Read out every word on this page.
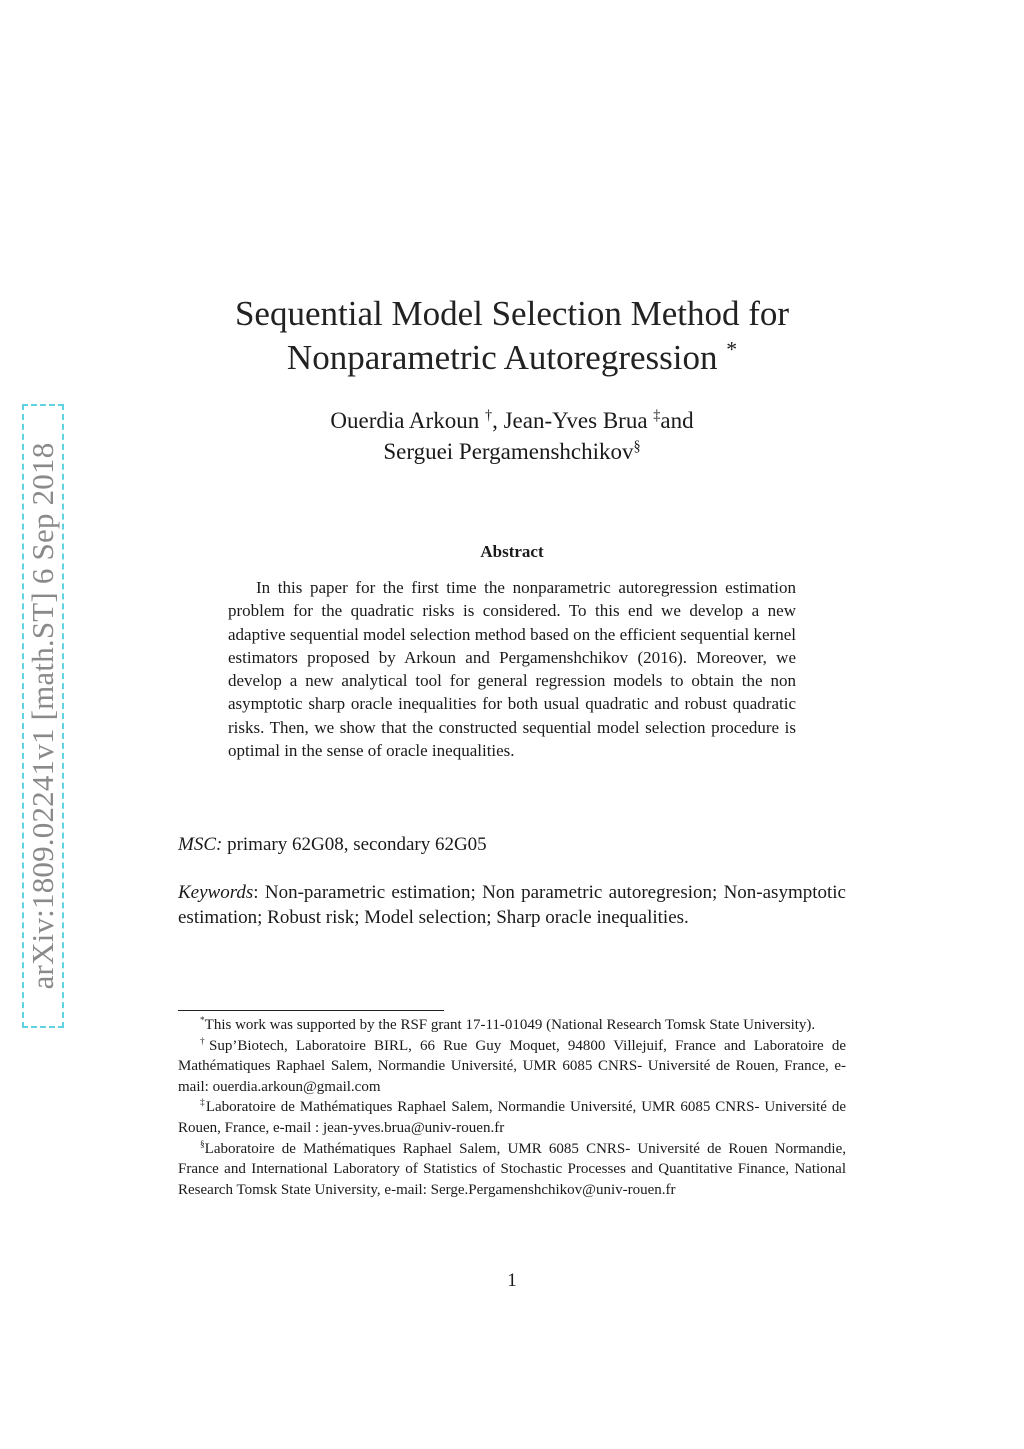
arXiv:1809.02241v1 [math.ST] 6 Sep 2018
Sequential Model Selection Method for
Nonparametric Autoregression *
Ouerdia Arkoun †, Jean-Yves Brua ‡and
Serguei Pergamenshchikov§
Abstract
In this paper for the first time the nonparametric autoregression estimation problem for the quadratic risks is considered. To this end we develop a new adaptive sequential model selection method based on the efficient sequential kernel estimators proposed by Arkoun and Pergamenshchikov (2016). Moreover, we develop a new analytical tool for general regression models to obtain the non asymptotic sharp oracle inequalities for both usual quadratic and robust quadratic risks. Then, we show that the constructed sequential model selection procedure is optimal in the sense of oracle inequalities.
MSC: primary 62G08, secondary 62G05
Keywords: Non-parametric estimation; Non parametric autoregresion; Non-asymptotic estimation; Robust risk; Model selection; Sharp oracle inequalities.

*This work was supported by the RSF grant 17-11-01049 (National Research Tomsk State University).

†Sup’Biotech, Laboratoire BIRL, 66 Rue Guy Moquet, 94800 Villejuif, France and Laboratoire de Mathématiques Raphael Salem, Normandie Université, UMR 6085 CNRS- Université de Rouen, France, e-mail: ouerdia.arkoun@gmail.com

‡Laboratoire de Mathématiques Raphael Salem, Normandie Université, UMR 6085 CNRS- Université de Rouen, France, e-mail : jean-yves.brua@univ-rouen.fr

§Laboratoire de Mathématiques Raphael Salem, UMR 6085 CNRS- Université de Rouen Normandie, France and International Laboratory of Statistics of Stochastic Processes and Quantitative Finance, National Research Tomsk State University, e-mail: Serge.Pergamenshchikov@univ-rouen.fr

1
